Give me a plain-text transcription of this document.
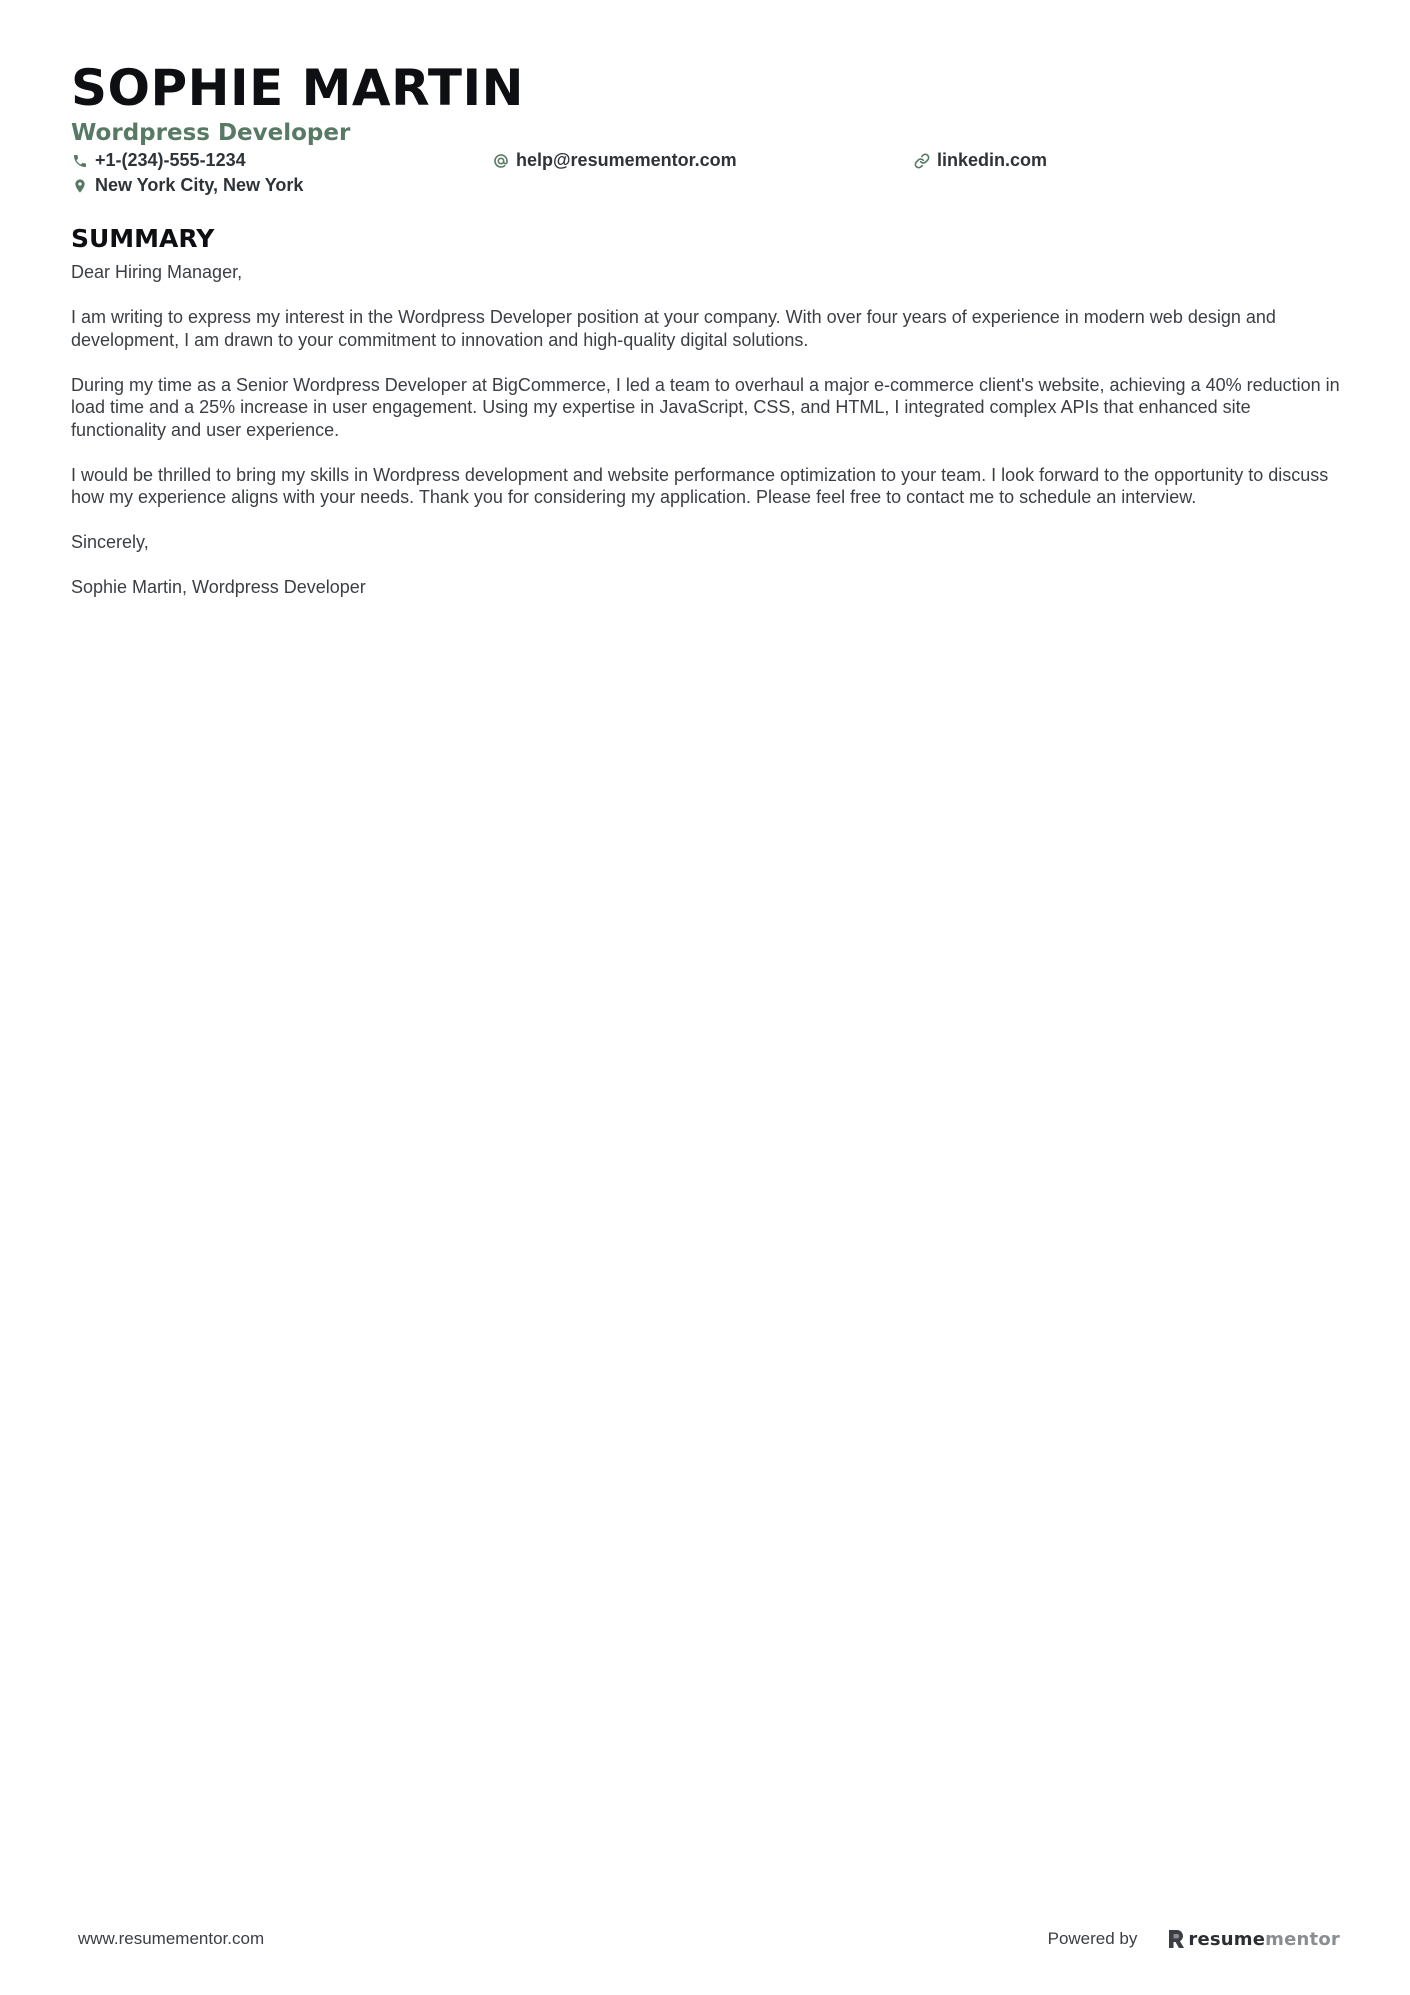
SOPHIE MARTIN
Wordpress Developer
+1-(234)-555-1234	help@resumementor.com	linkedin.com
New York City, New York
SUMMARY

Dear Hiring Manager,

I am writing to express my interest in the Wordpress Developer position at your company. With over four years of experience in modern web design and development, I am drawn to your commitment to innovation and high-quality digital solutions.

During my time as a Senior Wordpress Developer at BigCommerce, I led a team to overhaul a major e-commerce client's website, achieving a 40% reduction in load time and a 25% increase in user engagement. Using my expertise in JavaScript, CSS, and HTML, I integrated complex APIs that enhanced site functionality and user experience.

I would be thrilled to bring my skills in Wordpress development and website performance optimization to your team. I look forward to the opportunity to discuss how my experience aligns with your needs. Thank you for considering my application. Please feel free to contact me to schedule an interview.

Sincerely,

Sophie Martin, Wordpress Developer

www.resumementor.com	Powered by	resume mentor
